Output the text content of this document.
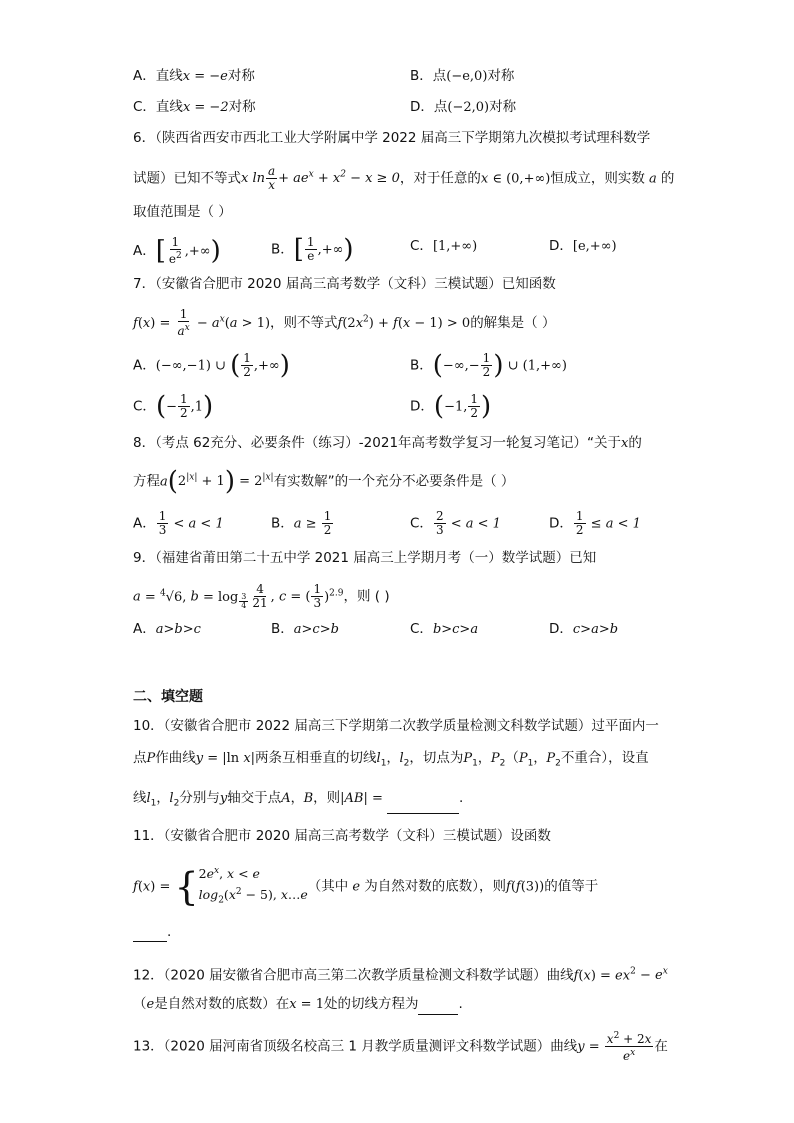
A．直线x = −e对称	B．点(−e,0)对称
C．直线x = −2对称	D．点(−2,0)对称
6．（陕西省西安市西北工业大学附属中学 2022 届高三下学期第九次模拟考试理科数学
试题）已知不等式x $\ln \frac{a}{x} + ae^x + x^2 - x \ge 0$，对于任意的x ∈ (0,+∞)恒成立，则实数 a 的
取值范围是（ ）
A．[ $\frac{1}{e^2}$ ,+∞)	B．[ $\frac{1}{e}$ ,+∞)	C．[1,+∞)	D．[e,+∞)
7．（安徽省合肥市 2020 届高三高考数学（文科）三模试题）已知函数
$f(x) = \frac{1}{a^x} - a^x(a > 1)$，则不等式$f(2x^2) + f(x - 1) > 0$的解集是（ ）
A．(−∞,−1) ∪ ( $\frac{1}{2}$ ,+∞)	B．(−∞,− $\frac{1}{2}$ ) ∪ (1,+∞)
C．(− $\frac{1}{2} ,1$)	D．(−1, $\frac{1}{2}$ )
8．（考点 62充分、必要条件（练习）-2021年高考数学复习一轮复习笔记）“关于x的
方程$a(2^{|x|} + 1) = 2^{|x|}$有实数解”的一个充分不必要条件是（ ）
A． $\frac{1}{3} < a < 1$	B．$a \ge \frac{1}{2}$	C． $\frac{2}{3} < a < 1$	D． $\frac{1}{2} \le a < 1$
9．（福建省莆田第二十五中学 2021 届高三上学期月考（一）数学试题）已知
a = $^4$√6, $b = \log _{\frac{3}{4}} \frac{4}{21}$ , c = ( $\frac{1}{3} )^{2.9}$，则 ( )
A．a>b>c	B．a>c>b	C．b>c>a	D．c>a>b
二、填空题
10．（安徽省合肥市 2022 届高三下学期第二次教学质量检测文科数学试题）过平面内一
点P作曲线y = |ln x|两条互相垂直的切线$l_1$，$l_2$，切点为$P_1$，$P_2(P_1$，$P_2$不重合），设直
线$l_1$，$l_2$分别与y轴交于点A，B，则|AB| =	.
11．（安徽省合肥市 2020 届高三高考数学（文科）三模试题）设函数
f(x) = { $2e^x$, x < e
$\log_2(x^2 - 5)$, x…e
（其中 e 为自然对数的底数），则f(f(3))的值等于
.
12．（2020 届安徽省合肥市高三第二次教学质量检测文科数学试题）曲线$f(x) = ex^2 - e^x$
（e是自然对数的底数）在x = 1处的切线方程为	.
13．（2020 届河南省顶级名校高三 1 月教学质量测评文科数学试题）曲线$y = \frac{x^2 + 2x}{e^x}$ 在
